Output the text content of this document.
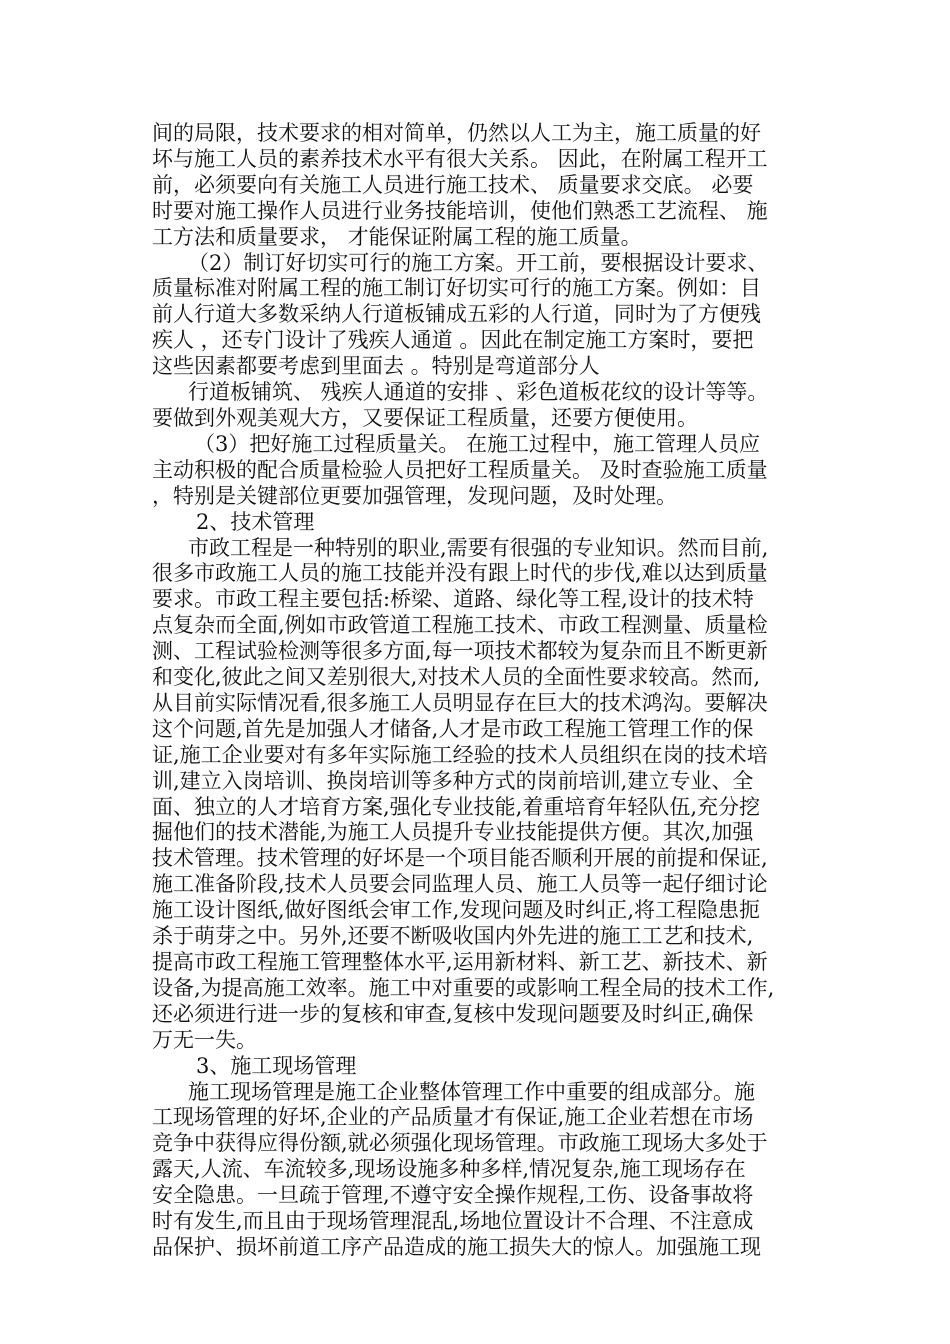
间的局限，技术要求的相对简单，仍然以人工为主，施工质量的好
坏与施工人员的素养技术水平有很大关系。 因此，在附属工程开工
前，必须要向有关施工人员进行施工技术、 质量要求交底。 必要
时要对施工操作人员进行业务技能培训，使他们熟悉工艺流程、 施
工方法和质量要求， 才能保证附属工程的施工质量。
（2）制订好切实可行的施工方案。开工前，要根据设计要求、
质量标准对附属工程的施工制订好切实可行的施工方案。例如：目
前人行道大多数采纳人行道板铺成五彩的人行道，同时为了方便残
疾人 ，还专门设计了残疾人通道 。因此在制定施工方案时，要把
这些因素都要考虑到里面去 。特别是弯道部分人
行道板铺筑、 残疾人通道的安排 、彩色道板花纹的设计等等。
要做到外观美观大方，又要保证工程质量，还要方便使用。
（3）把好施工过程质量关。 在施工过程中，施工管理人员应
主动积极的配合质量检验人员把好工程质量关。 及时查验施工质量
，特别是关键部位更要加强管理，发现问题，及时处理。
2、技术管理
市政工程是一种特别的职业,需要有很强的专业知识。然而目前,
很多市政施工人员的施工技能并没有跟上时代的步伐,难以达到质量
要求。市政工程主要包括:桥梁、道路、绿化等工程,设计的技术特
点复杂而全面,例如市政管道工程施工技术、市政工程测量、质量检
测、工程试验检测等很多方面,每一项技术都较为复杂而且不断更新
和变化,彼此之间又差别很大,对技术人员的全面性要求较高。然而,
从目前实际情况看,很多施工人员明显存在巨大的技术鸿沟。要解决
这个问题,首先是加强人才储备,人才是市政工程施工管理工作的保
证,施工企业要对有多年实际施工经验的技术人员组织在岗的技术培
训,建立入岗培训、换岗培训等多种方式的岗前培训,建立专业、全
面、独立的人才培育方案,强化专业技能,着重培育年轻队伍,充分挖
掘他们的技术潜能,为施工人员提升专业技能提供方便。其次,加强
技术管理。技术管理的好坏是一个项目能否顺利开展的前提和保证,
施工准备阶段,技术人员要会同监理人员、施工人员等一起仔细讨论
施工设计图纸,做好图纸会审工作,发现问题及时纠正,将工程隐患扼
杀于萌芽之中。另外,还要不断吸收国内外先进的施工工艺和技术,
提高市政工程施工管理整体水平,运用新材料、新工艺、新技术、新
设备,为提高施工效率。施工中对重要的或影响工程全局的技术工作,
还必须进行进一步的复核和审查,复核中发现问题要及时纠正,确保
万无一失。
3、施工现场管理
施工现场管理是施工企业整体管理工作中重要的组成部分。施
工现场管理的好坏,企业的产品质量才有保证,施工企业若想在市场
竞争中获得应得份额,就必须强化现场管理。市政施工现场大多处于
露天,人流、车流较多,现场设施多种多样,情况复杂,施工现场存在
安全隐患。一旦疏于管理,不遵守安全操作规程,工伤、设备事故将
时有发生,而且由于现场管理混乱,场地位置设计不合理、不注意成
品保护、损坏前道工序产品造成的施工损失大的惊人。加强施工现
